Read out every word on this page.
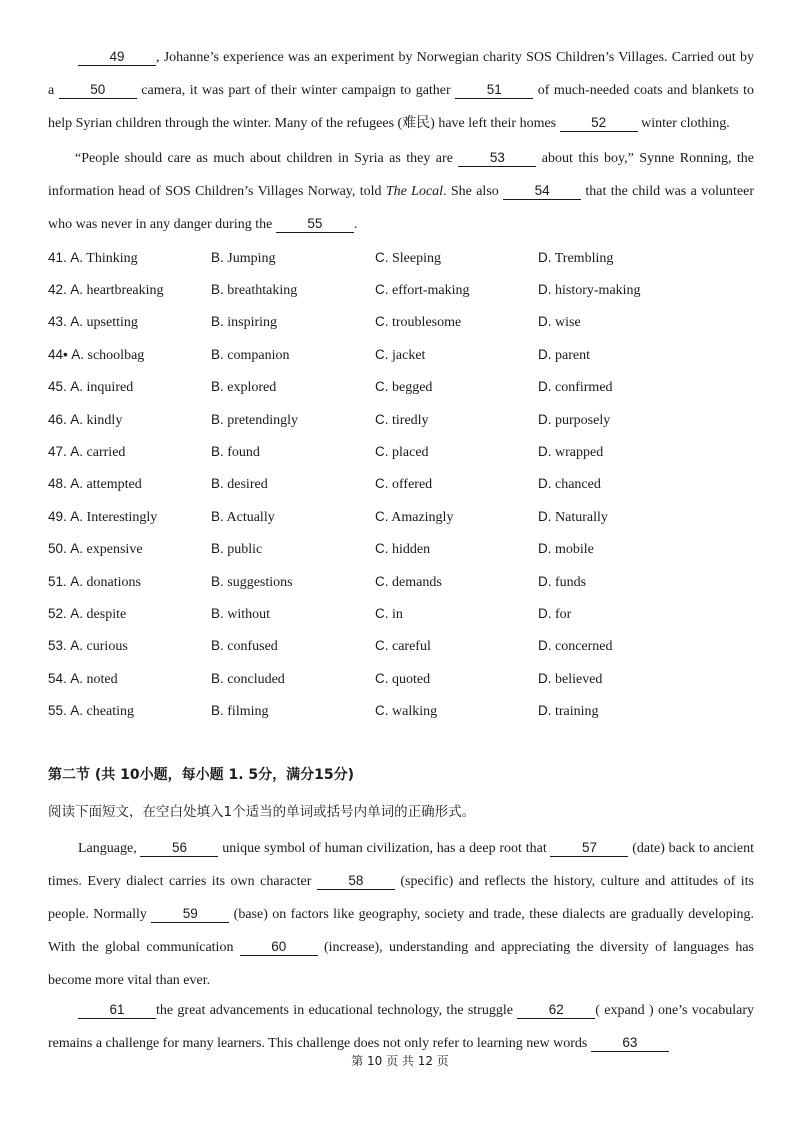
49 , Johanne’s experience was an experiment by Norwegian charity SOS Children’s Villages. Carried out by a 50 camera, it was part of their winter campaign to gather 51 of much-needed coats and blankets to help Syrian children through the winter. Many of the refugees (难民) have left their homes 52 winter clothing.

“People should care as much about children in Syria as they are 53 about this boy,” Synne Ronning, the information head of SOS Children’s Villages Norway, told The Local. She also 54 that the child was a volunteer who was never in any danger during the 55 .

41. A. Thinking	B. Jumping	C. Sleeping	D. Trembling
42. A. heartbreaking	B. breathtaking	C. effort-making	D. history-making
43. A. upsetting	B. inspiring	C. troublesome	D. wise
44• A. schoolbag	B. companion	C. jacket	D. parent
45. A. inquired	B. explored	C. begged	D. confirmed
46. A. kindly	B. pretendingly	C. tiredly	D. purposely
47. A. carried	B. found	C. placed	D. wrapped
48. A. attempted	B. desired	C. offered	D. chanced
49. A. Interestingly	B. Actually	C. Amazingly	D. Naturally
50. A. expensive	B. public	C. hidden	D. mobile
51. A. donations	B. suggestions	C. demands	D. funds
52. A. despite	B. without	C. in	D. for
53. A. curious	B. confused	C. careful	D. concerned
54. A. noted	B. concluded	C. quoted	D. believed
55. A. cheating	B. filming	C. walking	D. training
第二节 (共 10小题，每小题 1. 5分，满分15分)

阅读下面短文，在空白处填入1个适当的单词或括号内单词的正确形式。

Language, 56 unique symbol of human civilization, has a deep root that 57 (date) back to ancient times. Every dialect carries its own character 58 (specific) and reflects the history, culture and attitudes of its people. Normally 59 (base) on factors like geography, society and trade, these dialects are gradually developing. With the global communication 60 (increase), understanding and appreciating the diversity of languages has become more vital than ever.

61 the great advancements in educational technology, the struggle 62 ( expand ) one’s vocabulary remains a challenge for many learners. This challenge does not only refer to learning new words 63

第 10 页 共 12 页
